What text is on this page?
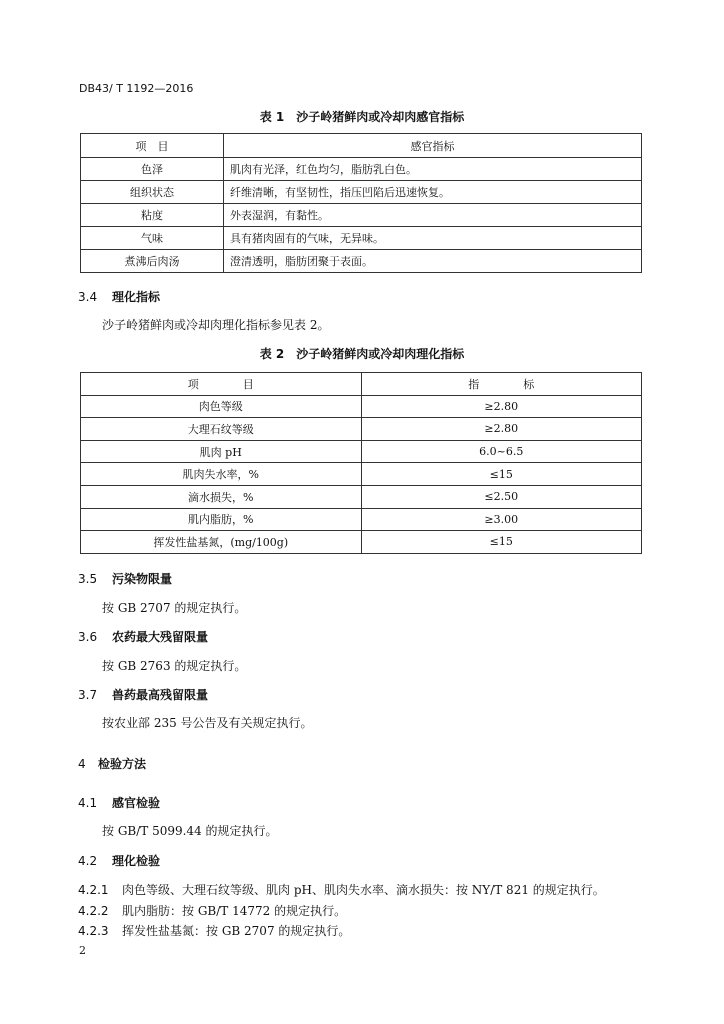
DB43/ T 1192—2016
表 1　沙子岭猪鲜肉或冷却肉感官指标
项　目	感官指标
色泽	肌肉有光泽，红色均匀，脂肪乳白色。
组织状态	纤维清晰，有坚韧性，指压凹陷后迅速恢复。
粘度	外表湿润，有黏性。
气味	具有猪肉固有的气味，无异味。
煮沸后肉汤	澄清透明，脂肪团聚于表面。
3.4 理化指标
沙子岭猪鲜肉或冷却肉理化指标参见表 2。
表 2　沙子岭猪鲜肉或冷却肉理化指标
项　　　　目	指　　　　标
肉色等级	≥2.80
大理石纹等级	≥2.80
肌肉 pH	6.0~6.5
肌肉失水率，%	≤15
滴水损失，%	≤2.50
肌内脂肪，%	≥3.00
挥发性盐基氮，(mg/100g)	≤15
3.5 污染物限量
按 GB 2707 的规定执行。
3.6 农药最大残留限量
按 GB 2763 的规定执行。
3.7 兽药最高残留限量
按农业部 235 号公告及有关规定执行。
4 检验方法
4.1 感官检验
按 GB/T 5099.44 的规定执行。
4.2 理化检验
4.2.1 肉色等级、大理石纹等级、肌肉 pH、肌肉失水率、滴水损失：按 NY/T 821 的规定执行。
4.2.2 肌内脂肪：按 GB/T 14772 的规定执行。
4.2.3 挥发性盐基氮：按 GB 2707 的规定执行。
2
